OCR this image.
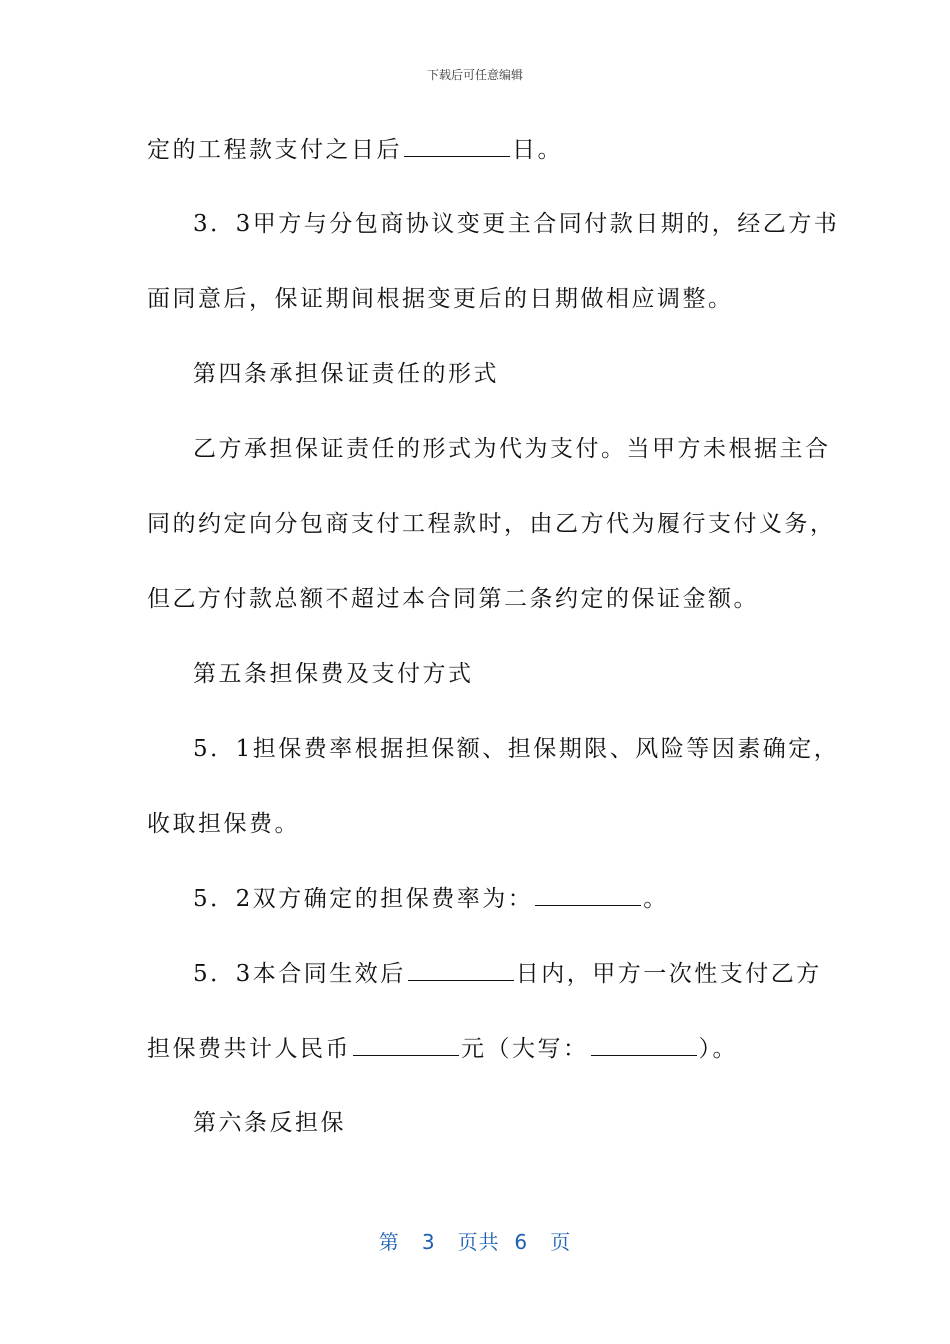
下载后可任意编辑
定的工程款支付之日后	日。
3．3甲方与分包商协议变更主合同付款日期的，经乙方书
面同意后，保证期间根据变更后的日期做相应调整。
第四条承担保证责任的形式
乙方承担保证责任的形式为代为支付。当甲方未根据主合
同的约定向分包商支付工程款时，由乙方代为履行支付义务，
但乙方付款总额不超过本合同第二条约定的保证金额。
第五条担保费及支付方式
5．1担保费率根据担保额、担保期限、风险等因素确定，
收取担保费。
5．2双方确定的担保费率为：	。
5．3本合同生效后	日内，甲方一次性支付乙方
担保费共计人民币	元（大写：	）。
第六条反担保
第 3 页共 6 页
